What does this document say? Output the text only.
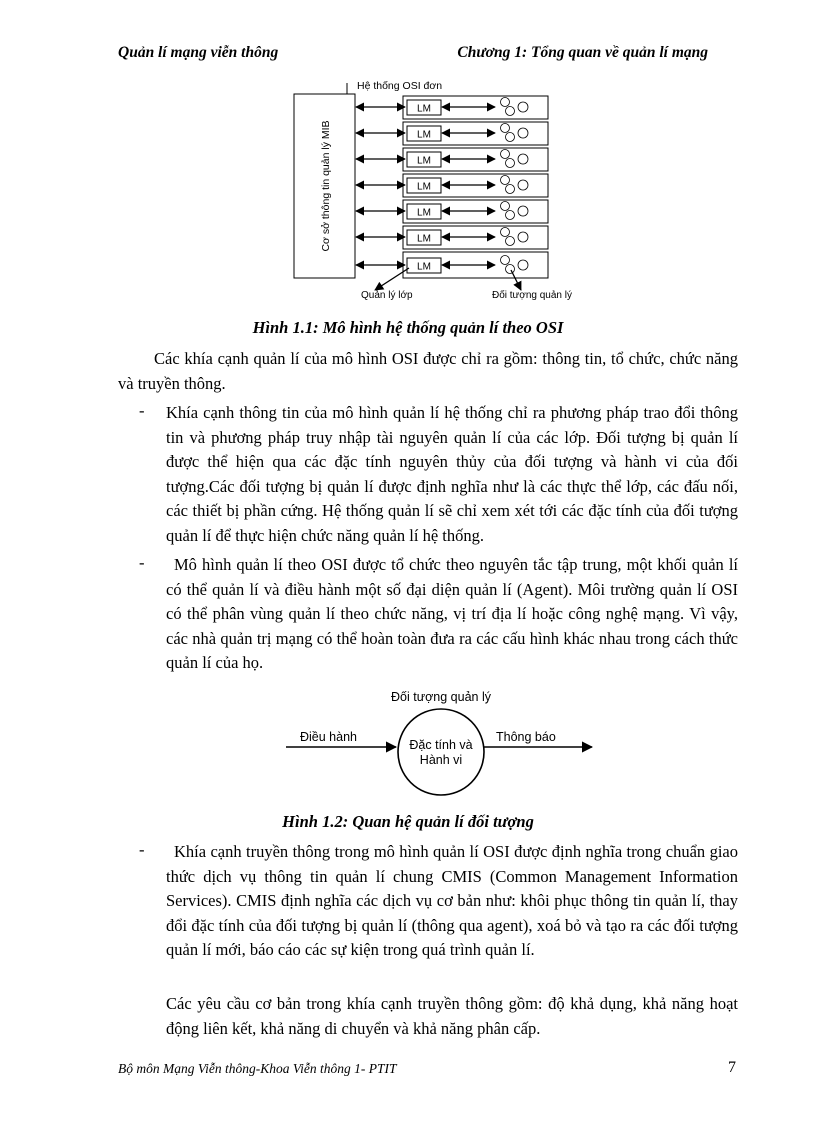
Quản lí mạng viễn thông	Chương 1: Tổng quan về quản lí mạng
Hệ thống OSI đơn
Cơ sở thông tin quản lý MIB
LM
LM
LM
LM
LM
LM
LM
Quản lý lớp	Đối tượng quản lý
Hình 1.1: Mô hình hệ thống quản lí theo OSI

Các khía cạnh quản lí của mô hình OSI được chỉ ra gồm: thông tin, tổ chức, chức năng và truyền thông.

- Khía cạnh thông tin của mô hình quản lí hệ thống chỉ ra phương pháp trao đổi thông tin và phương pháp truy nhập tài nguyên quản lí của các lớp. Đối tượng bị quản lí được thể hiện qua các đặc tính nguyên thủy của đối tượng và hành vi của đối tượng.Các đối tượng bị quản lí được định nghĩa như là các thực thể lớp, các đấu nối, các thiết bị phần cứng. Hệ thống quản lí sẽ chỉ xem xét tới các đặc tính của đối tượng quản lí để thực hiện chức năng quản lí hệ thống.

-	Mô hình quản lí theo OSI được tổ chức theo nguyên tắc tập trung, một khối quản lí có thể quản lí và điều hành một số đại diện quản lí (Agent). Môi trường quản lí OSI có thể phân vùng quản lí theo chức năng, vị trí địa lí hoặc công nghệ mạng. Vì vậy, các nhà quản trị mạng có thể hoàn toàn đưa ra các cấu hình khác nhau trong cách thức quản lí của họ.

Đối tượng quản lý
Đặc tính và
Hành vi
Điều hành	Thông báo
Hình 1.2: Quan hệ quản lí đối tượng
-	Khía cạnh truyền thông trong mô hình quản lí OSI được định nghĩa trong chuẩn giao thức dịch vụ thông tin quản lí chung CMIS (Common Management Information Services). CMIS định nghĩa các dịch vụ cơ bản như: khôi phục thông tin quản lí, thay đổi đặc tính của đối tượng bị quản lí (thông qua agent), xoá bỏ và tạo ra các đối tượng quản lí mới, báo cáo các sự kiện trong quá trình quản lí.

Các yêu cầu cơ bản trong khía cạnh truyền thông gồm: độ khả dụng, khả năng hoạt động liên kết, khả năng di chuyển và khả năng phân cấp.

Bộ môn Mạng Viễn thông-Khoa Viễn thông 1- PTIT	7
